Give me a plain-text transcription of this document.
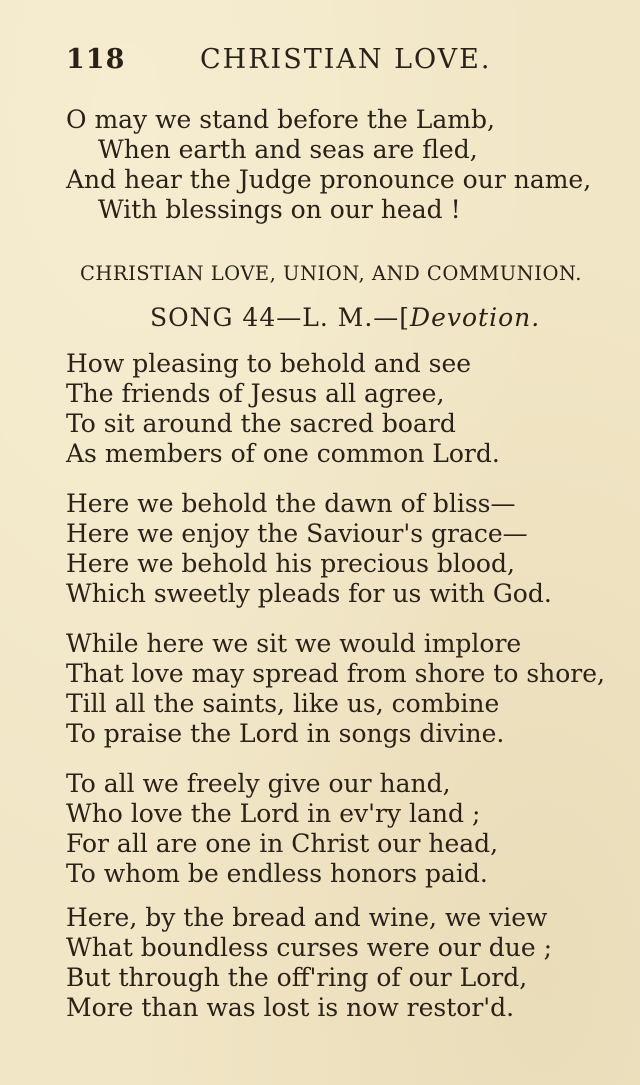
118	CHRISTIAN LOVE.
O may we stand before the Lamb,
When earth and seas are fled,
And hear the Judge pronounce our name,
With blessings on our head !
CHRISTIAN LOVE, UNION, AND COMMUNION.
SONG 44—L. M.—[Devotion.
How pleasing to behold and see
The friends of Jesus all agree,
To sit around the sacred board
As members of one common Lord.
Here we behold the dawn of bliss—
Here we enjoy the Saviour's grace—
Here we behold his precious blood,
Which sweetly pleads for us with God.
While here we sit we would implore
That love may spread from shore to shore,
Till all the saints, like us, combine
To praise the Lord in songs divine.
To all we freely give our hand,
Who love the Lord in ev'ry land ;
For all are one in Christ our head,
To whom be endless honors paid.
Here, by the bread and wine, we view
What boundless curses were our due ;
But through the off'ring of our Lord,
More than was lost is now restor'd.
